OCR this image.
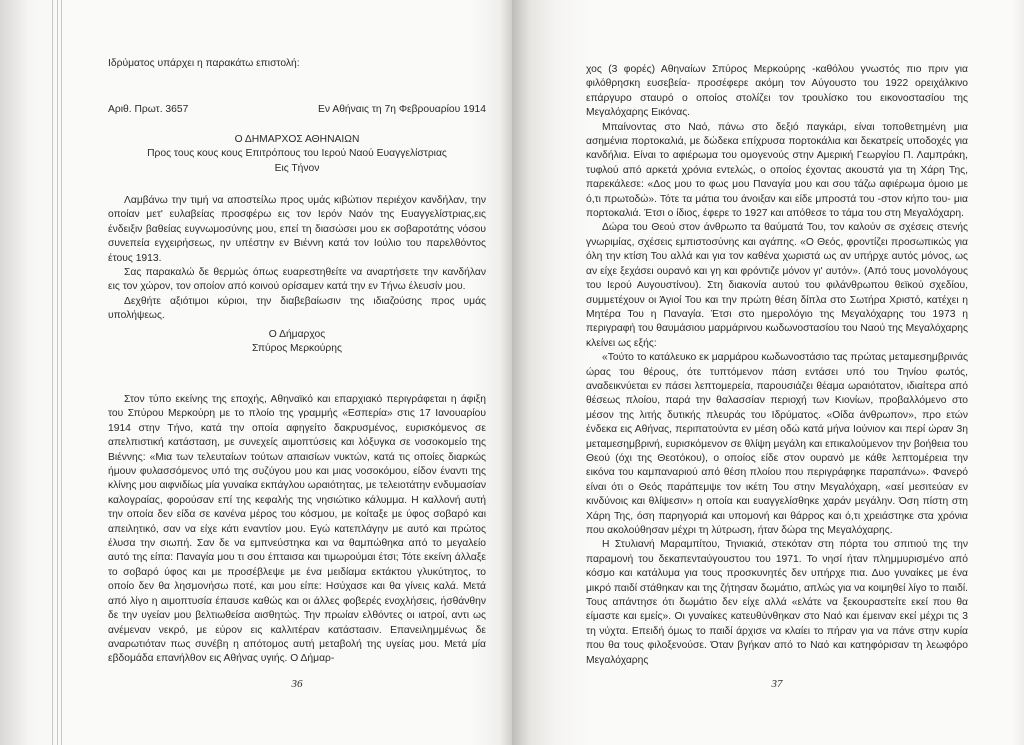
Ιδρύματος υπάρχει η παρακάτω επιστολή:

Αριθ. Πρωτ. 3657	Εν Αθήναις τη 7η Φεβρουαρίου 1914

Ο ΔΗΜΑΡΧΟΣ ΑΘΗΝΑΙΩΝ

Προς τους κους κους Επιτρόπους του Ιερού Ναού Ευαγγελίστριας

Εις Τήνον

Λαμβάνω την τιμή να αποστείλω προς υμάς κιβώτιον περιέχον κανδήλαν, την οποίαν μετ' ευλαβείας προσφέρω εις τον Ιερόν Ναόν της Ευαγγελίστριας,εις ένδειξιν βαθείας ευγνωμοσύνης μου, επεί τη διασώσει μου εκ σοβαροτάτης νόσου συνεπεία εγχειρήσεως, ην υπέστην εν Βιέννη κατά τον Ιούλιο του παρελθόντος έτους 1913.

Σας παρακαλώ δε θερμώς όπως ευαρεστηθείτε να αναρτήσετε την κανδήλαν εις τον χώρον, τον οποίον από κοινού ορίσαμεν κατά την εν Τήνω έλευσίν μου.

Δεχθήτε αξιότιμοι κύριοι, την διαβεβαίωσιν της ιδιαζούσης προς υμάς υπολήψεως.

Ο Δήμαρχος

Σπύρος Μερκούρης

Στον τύπο εκείνης της εποχής, Αθηναϊκό και επαρχιακό περιγράφεται η άφιξη του Σπύρου Μερκούρη με το πλοίο της γραμμής «Εσπερία» στις 17 Ιανουαρίου 1914 στην Τήνο, κατά την οποία αφηγείτο δακρυσμένος, ευρισκόμενος σε απελπιστική κατάσταση, με συνεχείς αιμοπτύσεις και λόξυγκα σε νοσοκομείο της Βιέννης: «Μια των τελευταίων τούτων απαισίων νυκτών, κατά τις οποίες διαρκώς ήμουν φυλασσόμενος υπό της συζύγου μου και μιας νοσοκόμου, είδον έναντι της κλίνης μου αιφνιδίως μία γυναίκα εκπάγλου ωραιότητας, με τελειοτάτην ενδυμασίαν καλογραίας, φορούσαν επί της κεφαλής της νησιώτικο κάλυμμα. Η καλλονή αυτή την οποία δεν είδα σε κανένα μέρος του κόσμου, με κοίταξε με ύφος σοβαρό και απειλητικό, σαν να είχε κάτι εναντίον μου. Εγώ κατεπλάγην με αυτό και πρώτος έλυσα την σιωπή. Σαν δε να εμπνεύστηκα και να θαμπώθηκα από το μεγαλείο αυτό της είπα: Παναγία μου τι σου έπταισα και τιμωρούμαι έτσι; Τότε εκείνη άλλαξε το σοβαρό ύφος και με προσέβλεψε με ένα μειδίαμα εκτάκτου γλυκύτητος, το οποίο δεν θα λησμονήσω ποτέ, και μου είπε: Ησύχασε και θα γίνεις καλά. Μετά από λίγο η αιμοπτυσία έπαυσε καθώς και οι άλλες φοβερές ενοχλήσεις, ήσθάνθην δε την υγείαν μου βελτιωθείσα αισθητώς. Την πρωίαν ελθόντες οι ιατροί, αντι ως ανέμεναν νεκρό, με εύρον εις καλλιτέραν κατάστασιν. Επανειλημμένως δε αναρωτιόταν πως συνέβη η απότομος αυτή μεταβολή της υγείας μου. Μετά μία εβδομάδα επανήλθον εις Αθήνας υγιής. Ο Δήμαρ-

36

χος (3 φορές) Αθηναίων Σπύρος Μερκούρης -καθόλου γνωστός πιο πριν για φιλόθρησκη ευσεβεία- προσέφερε ακόμη τον Αύγουστο του 1922 ορειχάλκινο επάργυρο σταυρό ο οποίος στολίζει τον τρουλίσκο του εικονοστασίου της Μεγαλόχαρης Εικόνας.

Μπαίνοντας στο Ναό, πάνω στο δεξιό παγκάρι, είναι τοποθετημένη μια ασημένια πορτοκαλιά, με δώδεκα επίχρυσα πορτοκάλια και δεκατρείς υποδοχές για κανδήλια. Είναι το αφιέρωμα του ομογενούς στην Αμερική Γεωργίου Π. Λαμπράκη, τυφλού από αρκετά χρόνια εντελώς, ο οποίος έχοντας ακουστά για τη Χάρη Της, παρεκάλεσε: «Δος μου το φως μου Παναγία μου και σου τάζω αφιέρωμα όμοιο με ό,τι πρωτοδώ». Τότε τα μάτια του άνοιξαν και είδε μπροστά του -στον κήπο του- μια πορτοκαλιά. Έτσι ο ίδιος, έφερε το 1927 και απόθεσε το τάμα του στη Μεγαλόχαρη.

Δώρα του Θεού στον άνθρωπο τα θαύματά Του, τον καλούν σε σχέσεις στενής γνωριμίας, σχέσεις εμπιστοσύνης και αγάπης. «Ο Θεός, φροντίζει προσωπικώς για όλη την κτίση Του αλλά και για τον καθένα χωριστά ως αν υπήρχε αυτός μόνος, ως αν είχε ξεχάσει ουρανό και γη και φρόντιζε μόνον γι' αυτόν». (Από τους μονολόγους του Ιερού Αυγουστίνου). Στη διακονία αυτού του φιλάνθρωπου θεϊκού σχεδίου, συμμετέχουν οι Άγιοί Του και την πρώτη θέση δίπλα στο Σωτήρα Χριστό, κατέχει η Μητέρα Του η Παναγία. Έτσι στο ημερολόγιο της Μεγαλόχαρης του 1973 η περιγραφή του θαυμάσιου μαρμάρινου κωδωνοστασίου του Ναού της Μεγαλόχαρης κλείνει ως εξής:

«Τούτο το κατάλευκο εκ μαρμάρου κωδωνοστάσιο τας πρώτας μεταμεσημβρινάς ώρας του θέρους, ότε τυπτόμενον πάση εντάσει υπό του Τηνίου φωτός, αναδεικνύεται εν πάσει λεπτομερεία, παρουσιάζει θέαμα ωραιότατον, ιδιαίτερα από θέσεως πλοίου, παρά την θαλασσίαν περιοχή των Κιονίων, προβαλλόμενο στο μέσον της λιτής δυτικής πλευράς του Ιδρύματος. «Οίδα άνθρωπον», προ ετών ένδεκα εις Αθήνας, περιπατούντα εν μέση οδώ κατά μήνα Ιούνιον και περί ώραν 3η μεταμεσημβρινή, ευρισκόμενον σε θλίψη μεγάλη και επικαλούμενον την βοήθεια του Θεού (όχι της Θεοτόκου), ο οποίος είδε στον ουρανό με κάθε λεπτομέρεια την εικόνα του καμπαναριού από θέση πλοίου που περιγράφηκε παραπάνω». Φανερό είναι ότι ο Θεός παράπεμψε τον ικέτη Του στην Μεγαλόχαρη, «αεί μεσιτεύαν εν κινδύνοις και θλίψεσιν» η οποία και ευαγγελίσθηκε χαράν μεγάλην. Όση πίστη στη Χάρη Της, όση παρηγοριά και υπομονή και θάρρος και ό,τι χρειάστηκε στα χρόνια που ακολούθησαν μέχρι τη λύτρωση, ήταν δώρα της Μεγαλόχαρης.

Η Στυλιανή Μαραμπίτου, Τηνιακιά, στεκόταν στη πόρτα του σπιτιού της την παραμονή του δεκαπενταύγουστου του 1971. Το νησί ήταν πλημμυρισμένο από κόσμο και κατάλυμα για τους προσκυνητές δεν υπήρχε πια. Δυο γυναίκες με ένα μικρό παιδί στάθηκαν και της ζήτησαν δωμάτιο, απλώς για να κοιμηθεί λίγο το παιδί. Τους απάντησε ότι δωμάτιο δεν είχε αλλά «ελάτε να ξεκουραστείτε εκεί που θα είμαστε και εμείς». Οι γυναίκες κατευθύνθηκαν στο Ναό και έμειναν εκεί μέχρι τις 3 τη νύχτα. Επειδή όμως το παιδί άρχισε να κλαίει το πήραν για να πάνε στην κυρία που θα τους φιλοξενούσε. Όταν βγήκαν από το Ναό και κατηφόρισαν τη λεωφόρο Μεγαλόχαρης

37
